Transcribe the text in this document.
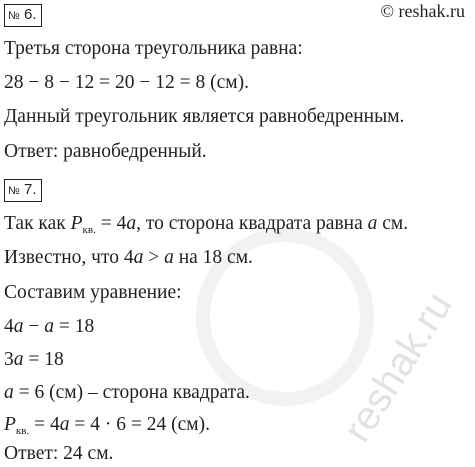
reshak.ru
© reshak.ru
№ 6.
Третья сторона треугольника равна:
28 − 8 − 12 = 20 − 12 = 8 (см).
Данный треугольник является равнобедренным.
Ответ: равнобедренный.
№ 7.
Так как $P_{кв.} = 4a$, то сторона квадрата равна a см.
Известно, что 4a > a на 18 см.
Составим уравнение:
4a − a = 18
3a = 18
a = 6 (см) – сторона квадрата.
$P_{кв.} = 4a = 4 \cdot 6 = 24$ (см).
Ответ: 24 см.
